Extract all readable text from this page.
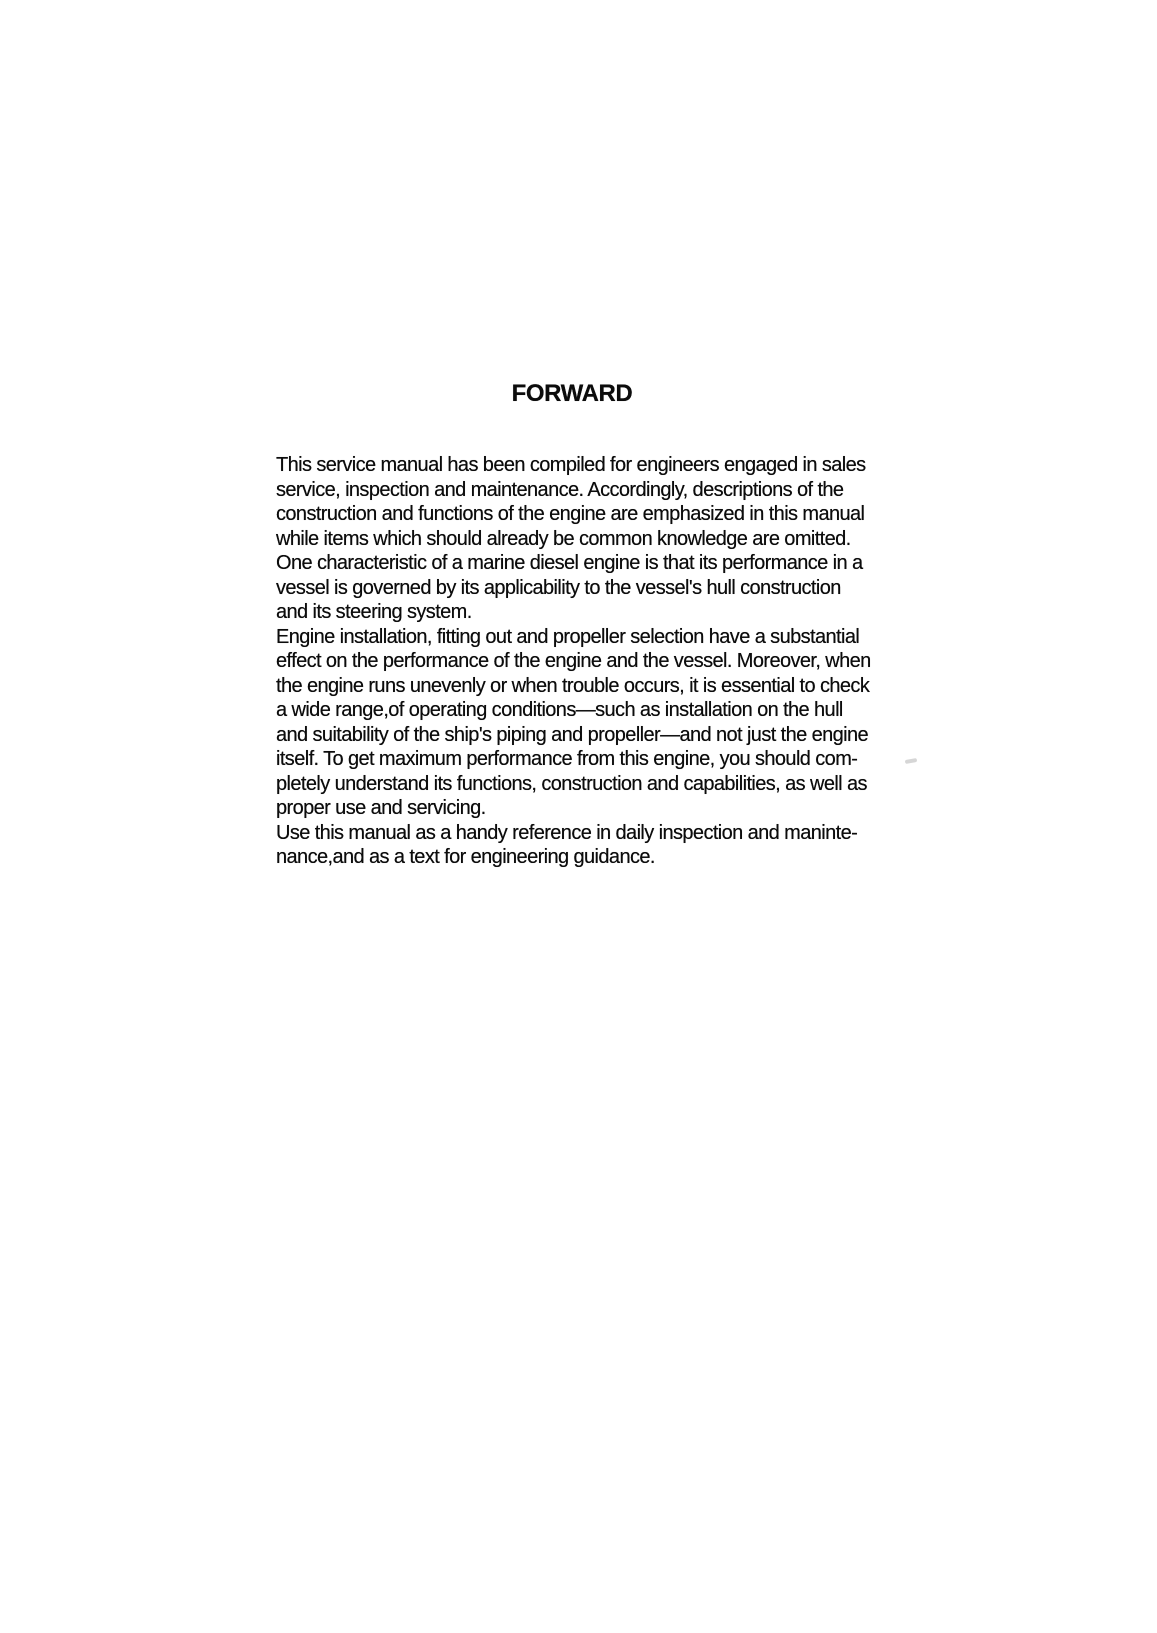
FORWARD
This service manual has been compiled for engineers engaged in sales
service, inspection and maintenance. Accordingly, descriptions of the
construction and functions of the engine are emphasized in this manual
while items which should already be common knowledge are omitted.
One characteristic of a marine diesel engine is that its performance in a
vessel is governed by its applicability to the vessel's hull construction
and its steering system.
Engine installation, fitting out and propeller selection have a substantial
effect on the performance of the engine and the vessel. Moreover, when
the engine runs unevenly or when trouble occurs, it is essential to check
a wide range,of operating conditions—such as installation on the hull
and suitability of the ship's piping and propeller—and not just the engine
itself. To get maximum performance from this engine, you should com-
pletely understand its functions, construction and capabilities, as well as
proper use and servicing.
Use this manual as a handy reference in daily inspection and maninte-
nance,and as a text for engineering guidance.
